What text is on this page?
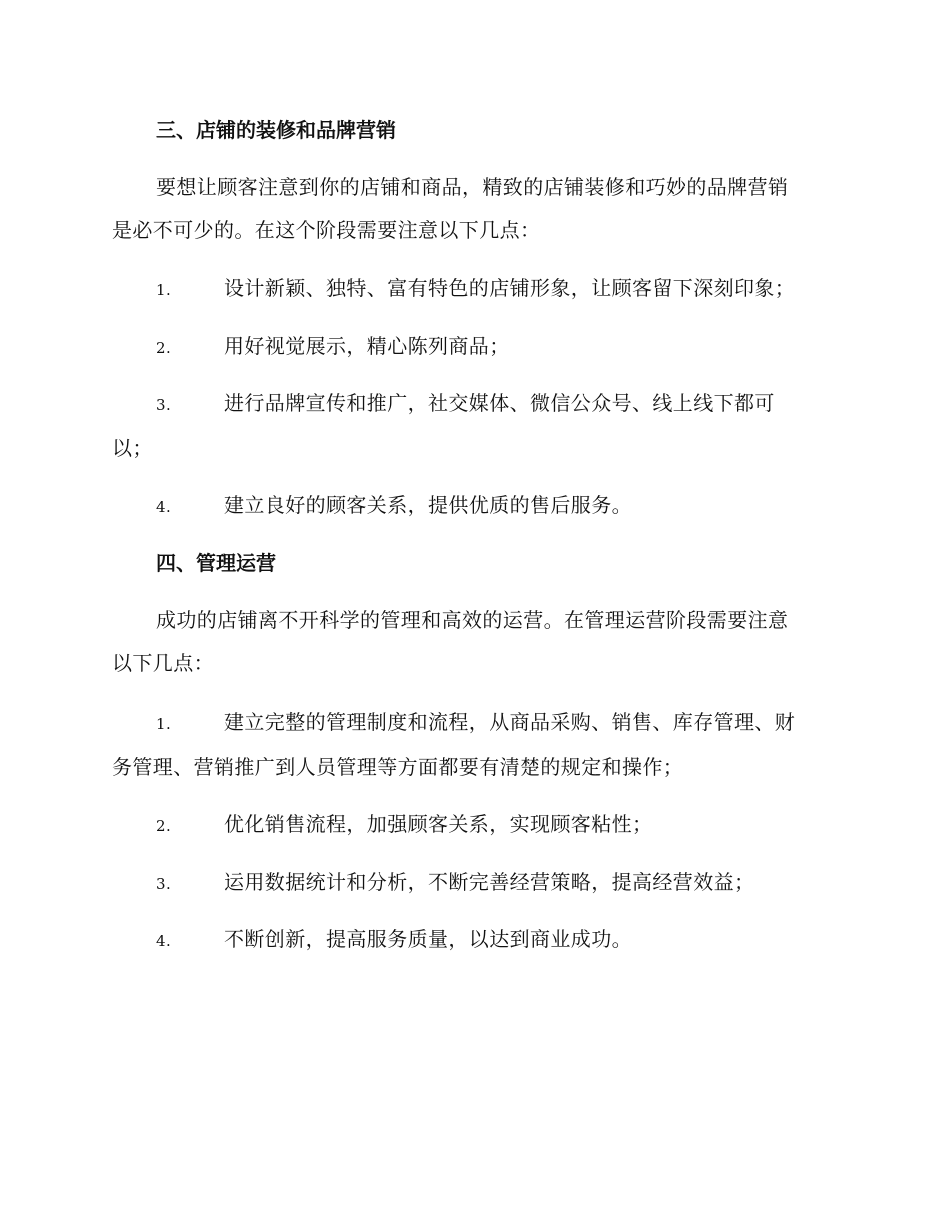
三、店铺的装修和品牌营销
要想让顾客注意到你的店铺和商品，精致的店铺装修和巧妙的品牌营销
是必不可少的。在这个阶段需要注意以下几点：
1.	设计新颖、独特、富有特色的店铺形象，让顾客留下深刻印象；
2.	用好视觉展示，精心陈列商品；
3.	进行品牌宣传和推广，社交媒体、微信公众号、线上线下都可
以；
4.	建立良好的顾客关系，提供优质的售后服务。
四、管理运营
成功的店铺离不开科学的管理和高效的运营。在管理运营阶段需要注意
以下几点：
1.	建立完整的管理制度和流程，从商品采购、销售、库存管理、财
务管理、营销推广到人员管理等方面都要有清楚的规定和操作；
2.	优化销售流程，加强顾客关系，实现顾客粘性；
3.	运用数据统计和分析，不断完善经营策略，提高经营效益；
4.	不断创新，提高服务质量，以达到商业成功。
